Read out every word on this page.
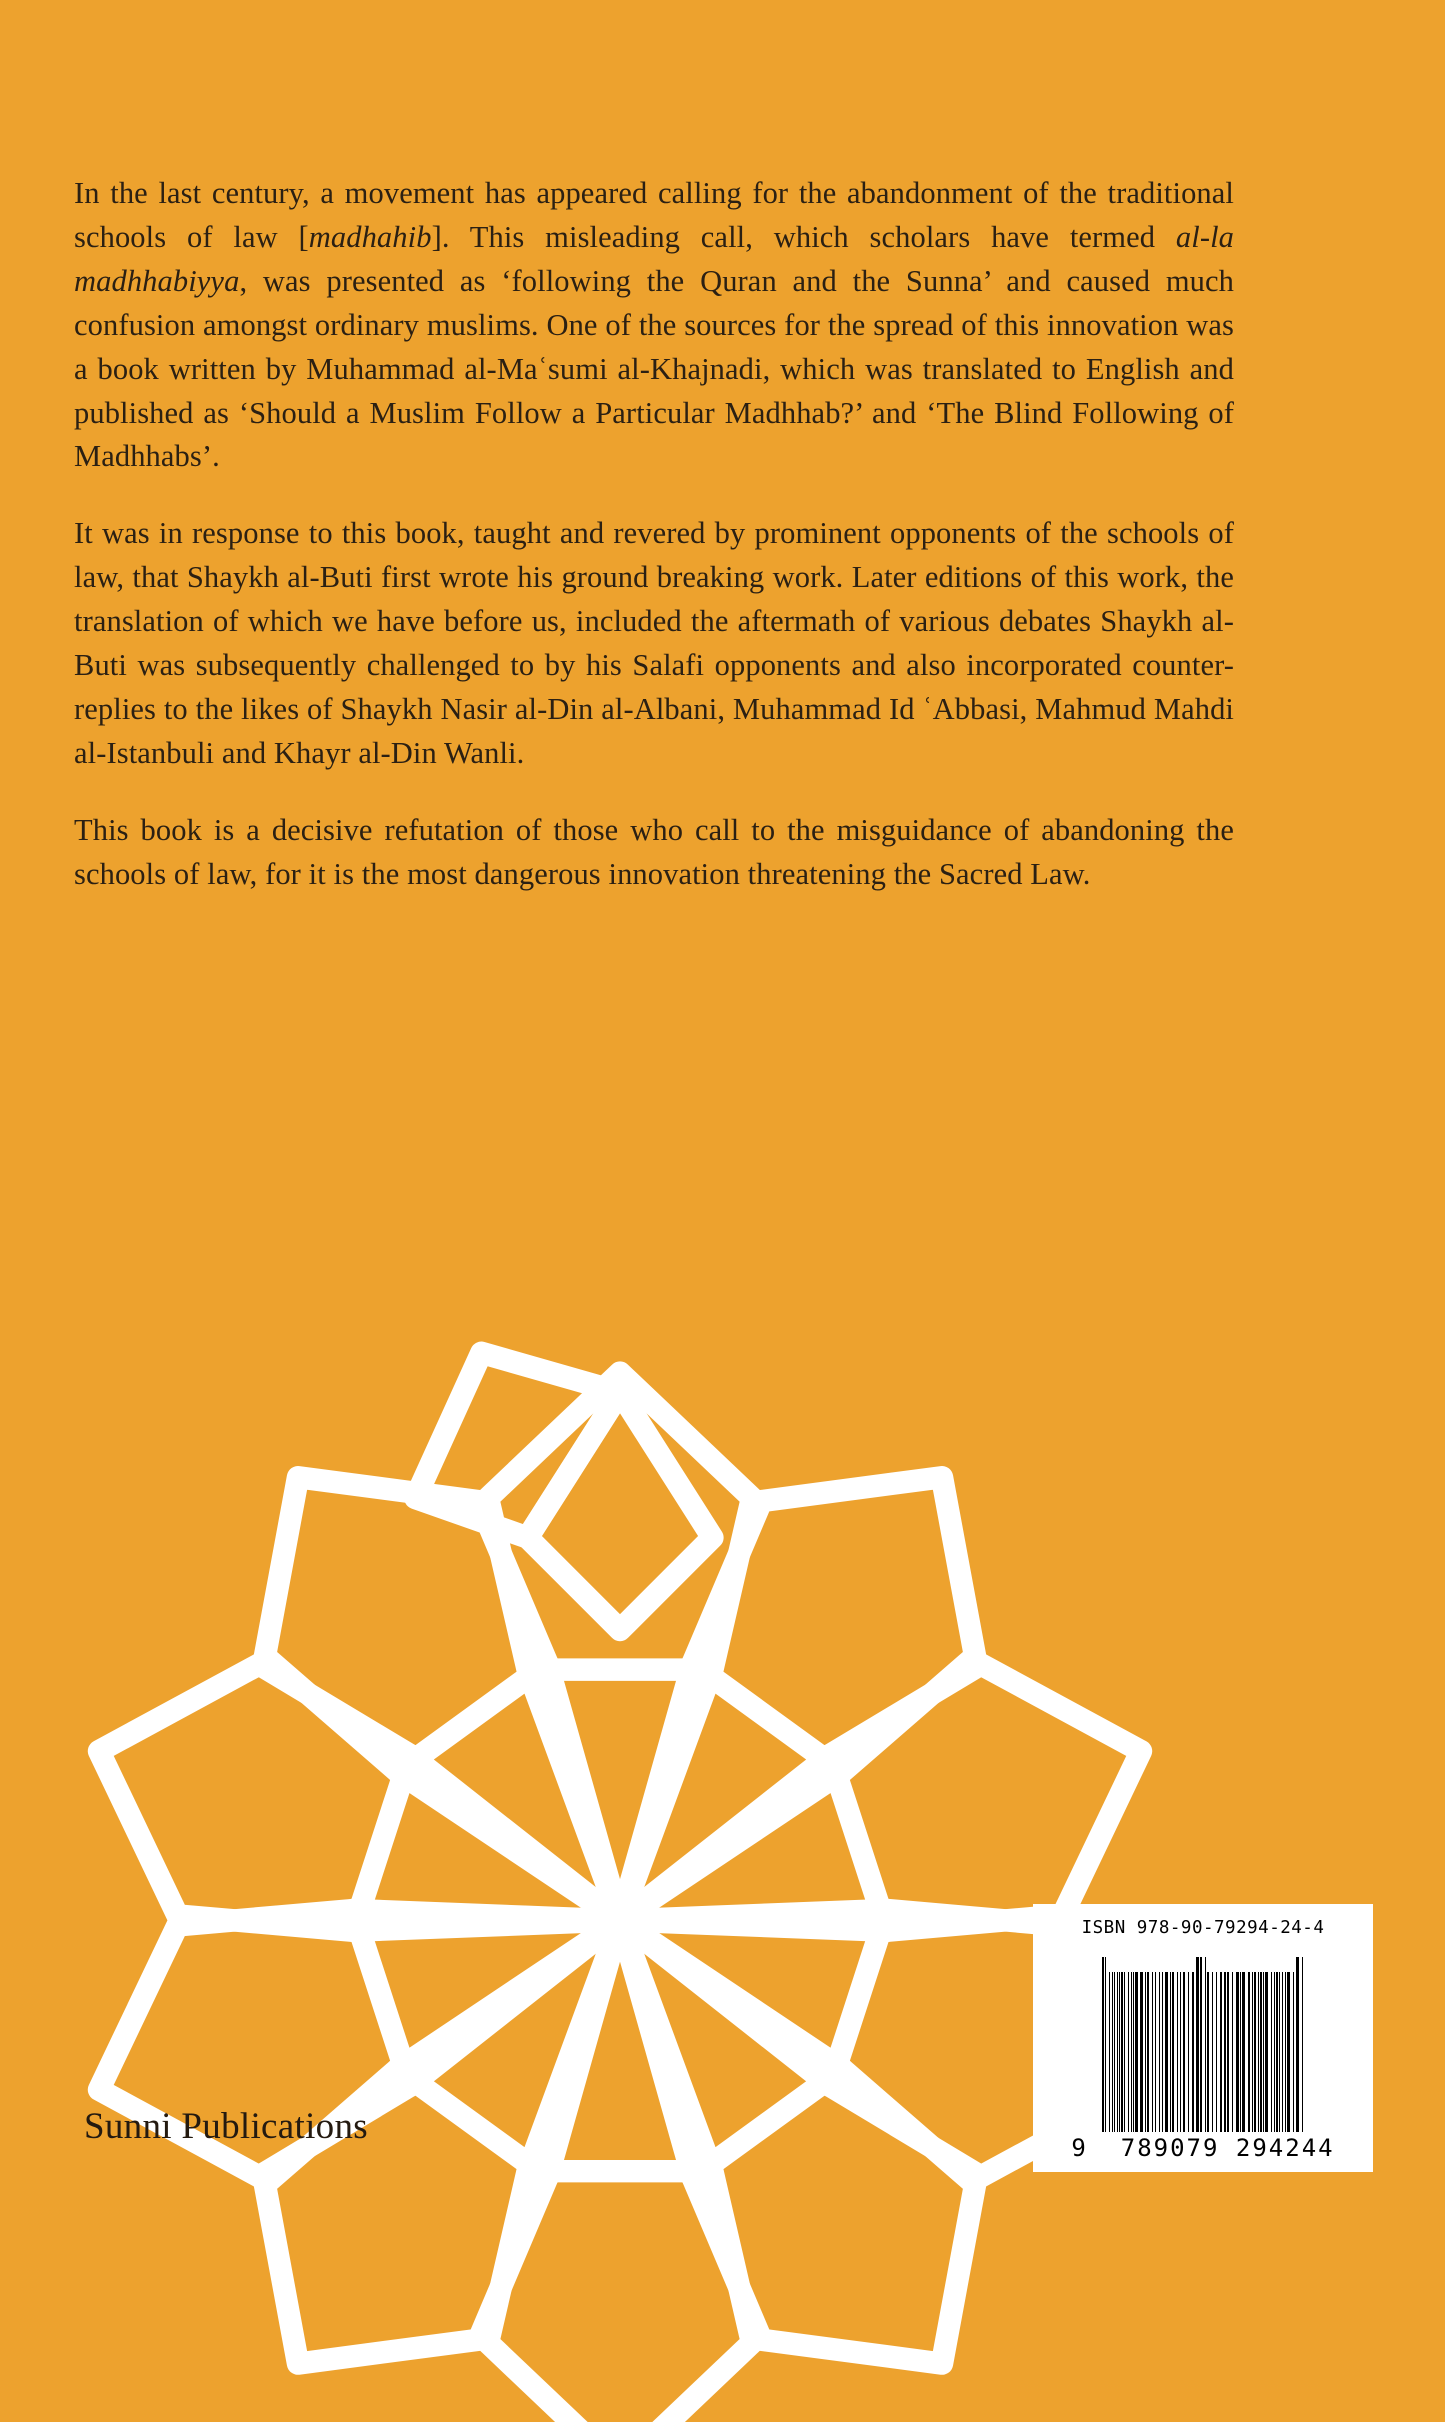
In the last century, a movement has appeared calling for the abandonment of the traditional schools of law [madhahib]. This misleading call, which scholars have termed al-la madhhabiyya, was presented as ‘following the Quran and the Sunna’ and caused much confusion amongst ordinary muslims. One of the sources for the spread of this innovation was a book written by Muhammad al-Maʿsumi al-Khajnadi, which was translated to English and published as ‘Should a Muslim Follow a Particular Madhhab?’ and ‘The Blind Following of Madhhabs’.

It was in response to this book, taught and revered by prominent opponents of the schools of law, that Shaykh al-Buti first wrote his ground breaking work. Later editions of this work, the translation of which we have before us, included the aftermath of various debates Shaykh al-Buti was subsequently challenged to by his Salafi opponents and also incorporated counter-replies to the likes of Shaykh Nasir al-Din al-Albani, Muhammad Id ʿAbbasi, Mahmud Mahdi al-Istanbuli and Khayr al-Din Wanli.

This book is a decisive refutation of those who call to the misguidance of abandoning the schools of law, for it is the most dangerous innovation threatening the Sacred Law.

Sunni Publications
ISBN 978-90-79294-24-4
9  789079 294244
